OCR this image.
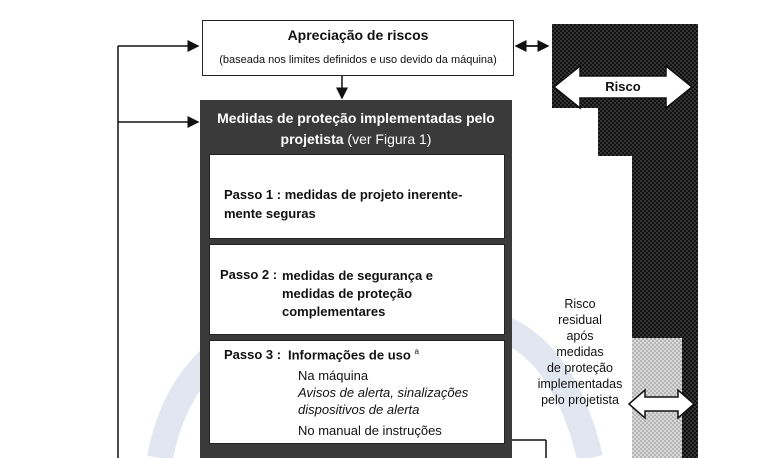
Apreciação de riscos
(baseada nos limites definidos e uso devido da máquina)
Medidas de proteção implementadas pelo
projetista (ver Figura 1)
Passo 1 : medidas de projeto inerente-
mente seguras
Passo 2 : medidas de segurança e
medidas de proteção
complementares
Passo 3 : Informações de uso $^a$
Na máquina
Avisos de alerta, sinalizações
dispositivos de alerta
No manual de instruções
Risco
Risco
residual
após
medidas
de proteção
implementadas
pelo projetista
